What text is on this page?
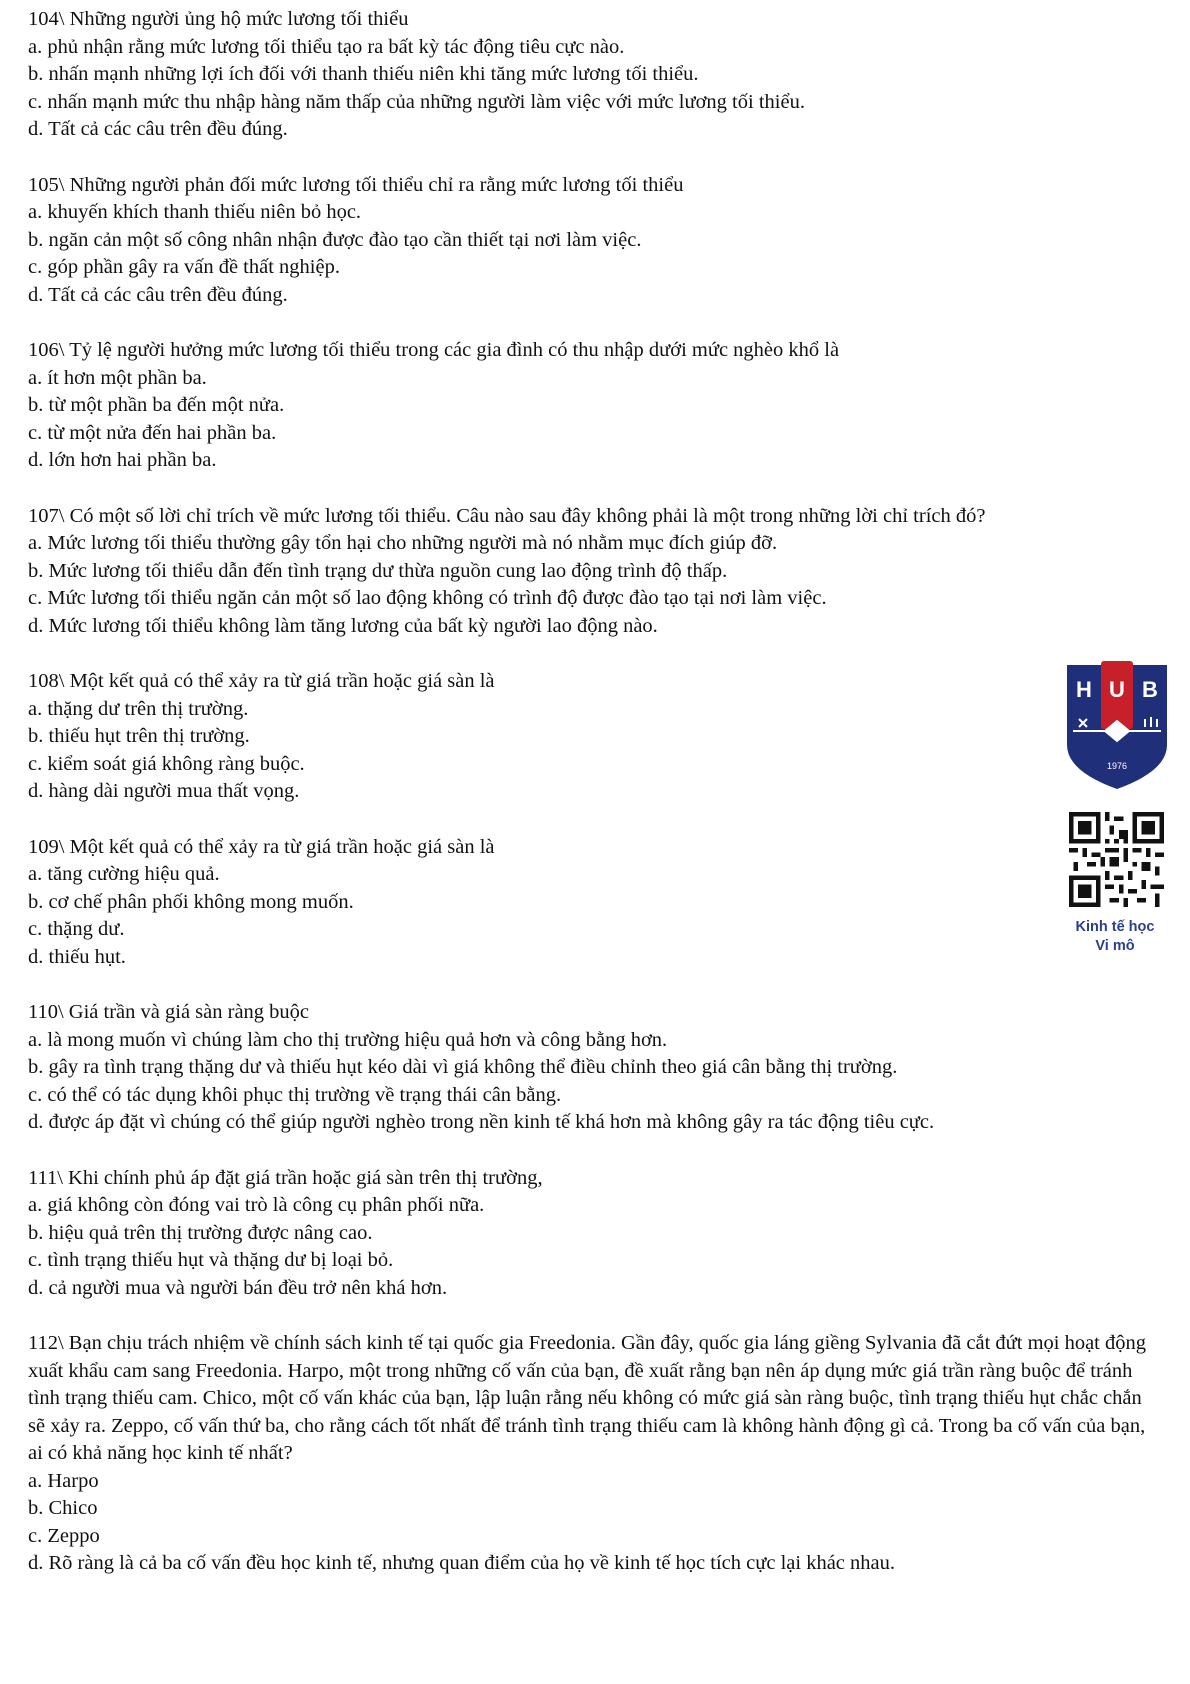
104\ Những người ủng hộ mức lương tối thiểu

a. phủ nhận rằng mức lương tối thiểu tạo ra bất kỳ tác động tiêu cực nào.

b. nhấn mạnh những lợi ích đối với thanh thiếu niên khi tăng mức lương tối thiểu.

c. nhấn mạnh mức thu nhập hàng năm thấp của những người làm việc với mức lương tối thiểu.

d. Tất cả các câu trên đều đúng.

105\ Những người phản đối mức lương tối thiểu chỉ ra rằng mức lương tối thiểu

a. khuyến khích thanh thiếu niên bỏ học.

b. ngăn cản một số công nhân nhận được đào tạo cần thiết tại nơi làm việc.

c. góp phần gây ra vấn đề thất nghiệp.

d. Tất cả các câu trên đều đúng.

106\ Tỷ lệ người hưởng mức lương tối thiểu trong các gia đình có thu nhập dưới mức nghèo khổ là

a. ít hơn một phần ba.

b. từ một phần ba đến một nửa.

c. từ một nửa đến hai phần ba.

d. lớn hơn hai phần ba.

107\ Có một số lời chỉ trích về mức lương tối thiểu. Câu nào sau đây không phải là một trong những lời chỉ trích đó?

a. Mức lương tối thiểu thường gây tổn hại cho những người mà nó nhằm mục đích giúp đỡ.

b. Mức lương tối thiểu dẫn đến tình trạng dư thừa nguồn cung lao động trình độ thấp.

c. Mức lương tối thiểu ngăn cản một số lao động không có trình độ được đào tạo tại nơi làm việc.

d. Mức lương tối thiểu không làm tăng lương của bất kỳ người lao động nào.

108\ Một kết quả có thể xảy ra từ giá trần hoặc giá sàn là

a. thặng dư trên thị trường.

b. thiếu hụt trên thị trường.

c. kiểm soát giá không ràng buộc.

d. hàng dài người mua thất vọng.

109\ Một kết quả có thể xảy ra từ giá trần hoặc giá sàn là

a. tăng cường hiệu quả.

b. cơ chế phân phối không mong muốn.

c. thặng dư.

d. thiếu hụt.

110\ Giá trần và giá sàn ràng buộc

a. là mong muốn vì chúng làm cho thị trường hiệu quả hơn và công bằng hơn.

b. gây ra tình trạng thặng dư và thiếu hụt kéo dài vì giá không thể điều chỉnh theo giá cân bằng thị trường.

c. có thể có tác dụng khôi phục thị trường về trạng thái cân bằng.

d. được áp đặt vì chúng có thể giúp người nghèo trong nền kinh tế khá hơn mà không gây ra tác động tiêu cực.

111\ Khi chính phủ áp đặt giá trần hoặc giá sàn trên thị trường,

a. giá không còn đóng vai trò là công cụ phân phối nữa.

b. hiệu quả trên thị trường được nâng cao.

c. tình trạng thiếu hụt và thặng dư bị loại bỏ.

d. cả người mua và người bán đều trở nên khá hơn.

112\ Bạn chịu trách nhiệm về chính sách kinh tế tại quốc gia Freedonia. Gần đây, quốc gia láng giềng Sylvania đã cắt đứt mọi hoạt động xuất khẩu cam sang Freedonia. Harpo, một trong những cố vấn của bạn, đề xuất rằng bạn nên áp dụng mức giá trần ràng buộc để tránh tình trạng thiếu cam. Chico, một cố vấn khác của bạn, lập luận rằng nếu không có mức giá sàn ràng buộc, tình trạng thiếu hụt chắc chắn sẽ xảy ra. Zeppo, cố vấn thứ ba, cho rằng cách tốt nhất để tránh tình trạng thiếu cam là không hành động gì cả. Trong ba cố vấn của bạn, ai có khả năng học kinh tế nhất?

a. Harpo

b. Chico

c. Zeppo

d. Rõ ràng là cả ba cố vấn đều học kinh tế, nhưng quan điểm của họ về kinh tế học tích cực lại khác nhau.

H U B
1976
Kinh tế học
Vi mô
